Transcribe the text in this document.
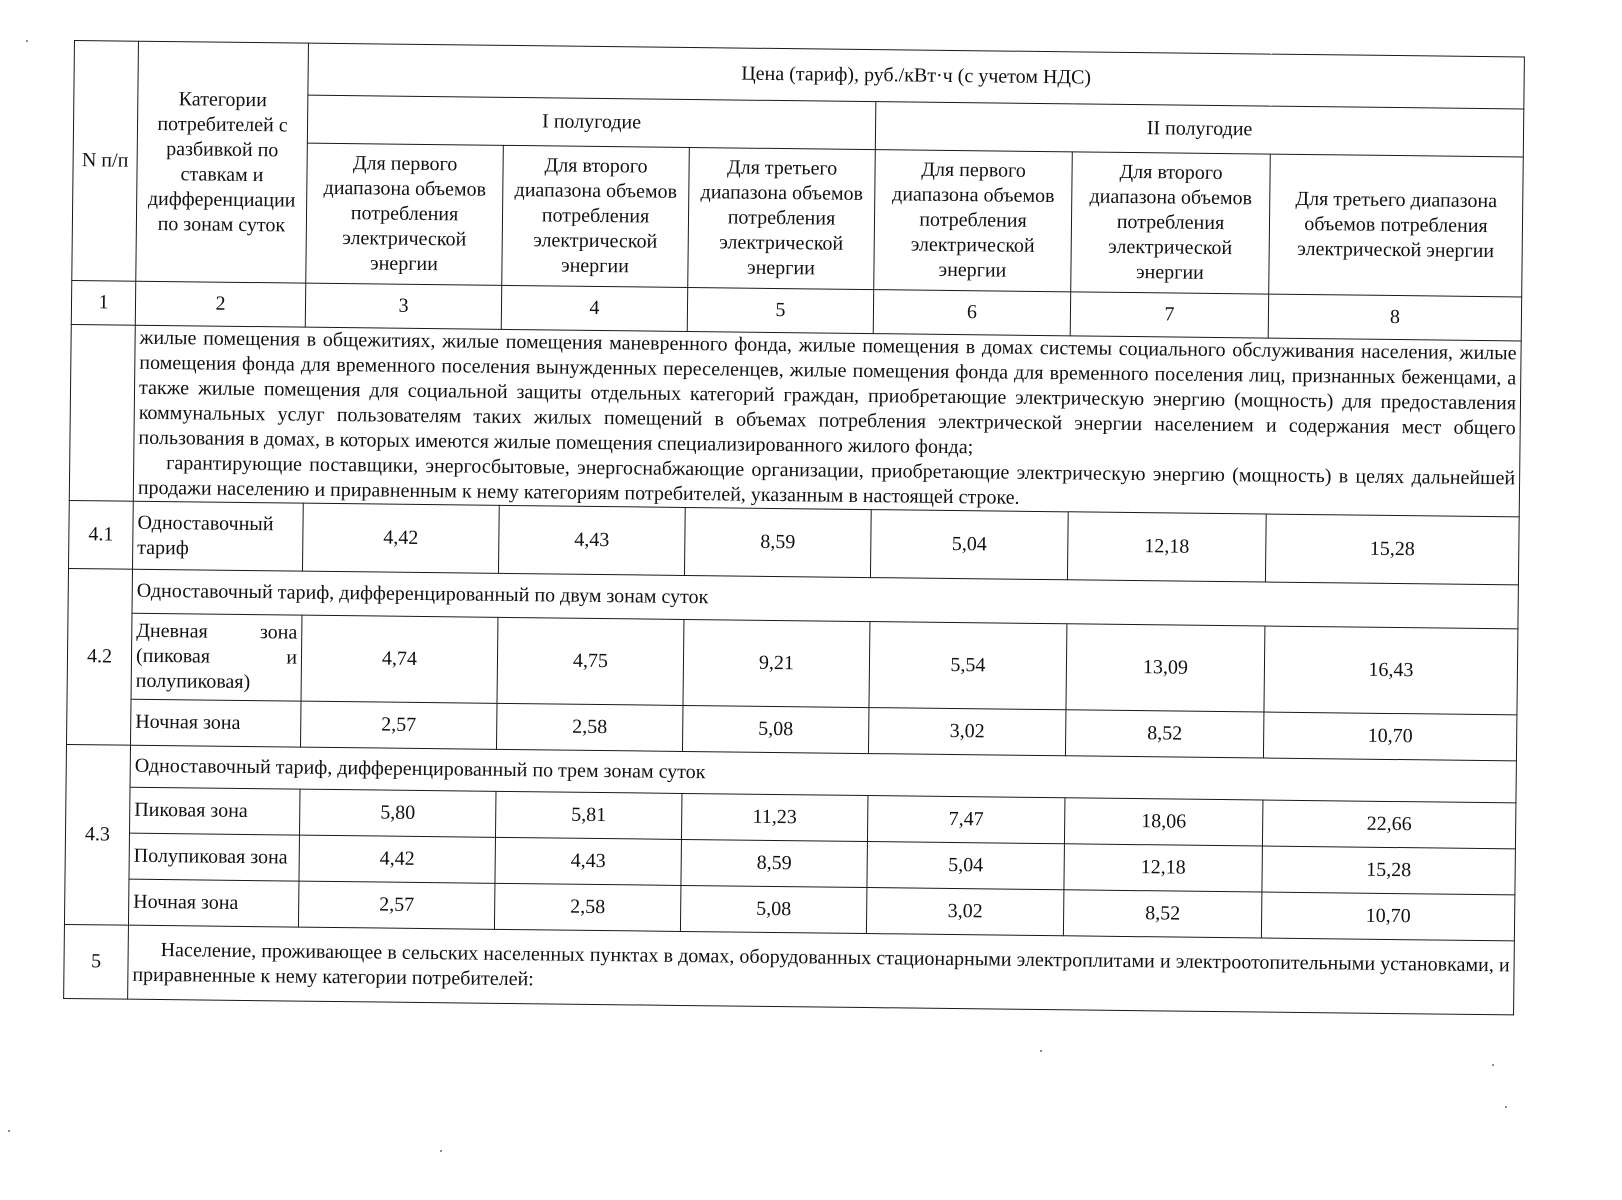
N п/п	Категории потребителей с разбивкой по ставкам и дифференциации по зонам суток	Цена (тариф), руб./кВт·ч (с учетом НДС)					
		I полугодие			II полугодие		
		Для первого диапазона объемов потребления электрической энергии	Для второго диапазона объемов потребления электрической энергии	Для третьего диапазона объемов потребления электрической энергии	Для первого диапазона объемов потребления электрической энергии	Для второго диапазона объемов потребления электрической энергии	Для третьего диапазона объемов потребления электрической энергии
1	2	3	4	5	6	7	8

	жилые помещения в общежитиях, жилые помещения маневренного фонда, жилые помещения в домах системы социального обслуживания населения, жилые помещения фонда для временного поселения вынужденных переселенцев, жилые помещения фонда для временного поселения лиц, признанных беженцами, а также жилые помещения для социальной защиты отдельных категорий граждан, приобретающие электрическую энергию (мощность) для предоставления коммунальных услуг пользователям таких жилых помещений в объемах потребления электрической энергии населением и содержания мест общего пользования в домах, в которых имеются жилые помещения специализированного жилого фонда;
гарантирующие поставщики, энергосбытовые, энергоснабжающие организации, приобретающие электрическую энергию (мощность) в целях дальнейшей продажи населению и приравненным к нему категориям потребителей, указанным в настоящей строке.						

4.1	Одноставочный тариф	4,42	4,43	8,59	5,04	12,18	15,28
4.2	Одноставочный тариф, дифференцированный по двум зонам суток						
	Дневная зона (пиковая и полупиковая)	4,74	4,75	9,21	5,54	13,09	16,43
	Ночная зона	2,57	2,58	5,08	3,02	8,52	10,70
4.3	Одноставочный тариф, дифференцированный по трем зонам суток						
	Пиковая зона	5,80	5,81	11,23	7,47	18,06	22,66
	Полупиковая зона	4,42	4,43	8,59	5,04	12,18	15,28
	Ночная зона	2,57	2,58	5,08	3,02	8,52	10,70
5	Население, проживающее в сельских населенных пунктах в домах, оборудованных стационарными электроплитами и электроотопительными установками, и приравненные к нему категории потребителей:						
